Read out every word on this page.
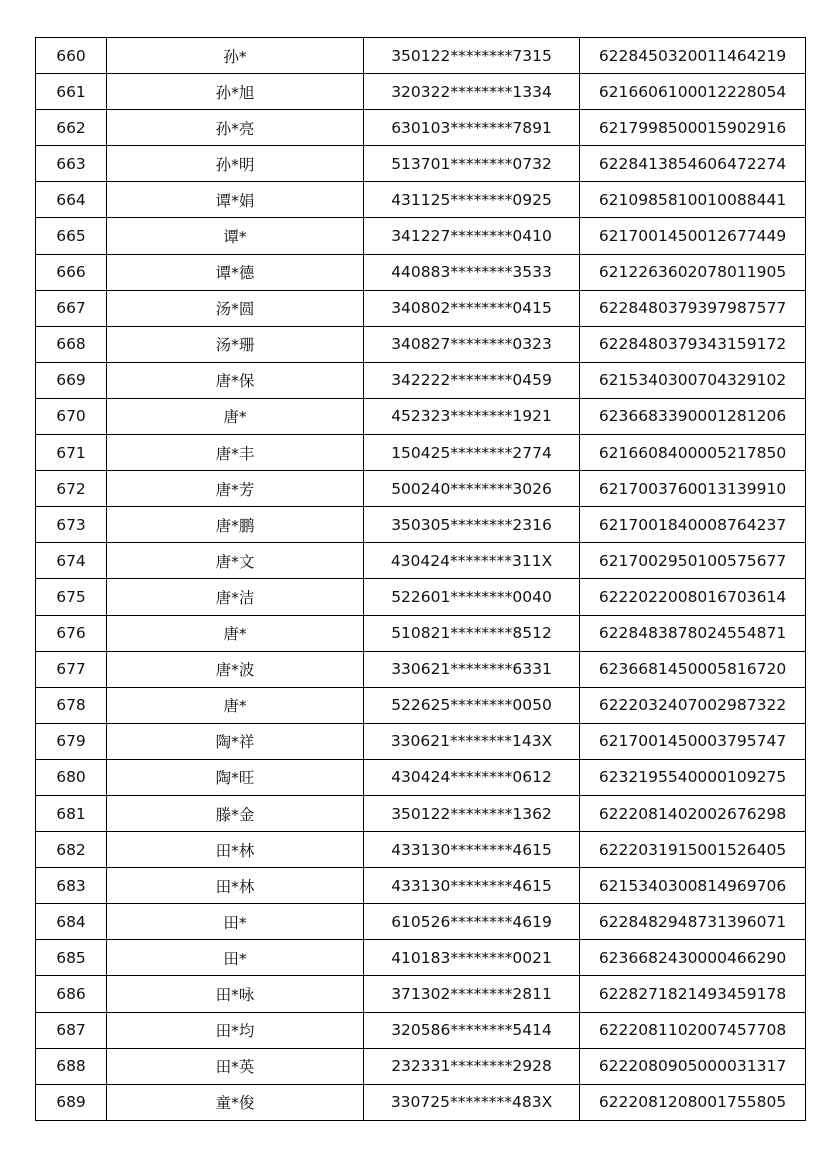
660	孙*	350122********7315	6228450320011464219
661	孙*旭	320322********1334	6216606100012228054
662	孙*亮	630103********7891	6217998500015902916
663	孙*明	513701********0732	6228413854606472274
664	谭*娟	431125********0925	6210985810010088441
665	谭*	341227********0410	6217001450012677449
666	谭*德	440883********3533	6212263602078011905
667	汤*圆	340802********0415	6228480379397987577
668	汤*珊	340827********0323	6228480379343159172
669	唐*保	342222********0459	6215340300704329102
670	唐*	452323********1921	6236683390001281206
671	唐*丰	150425********2774	6216608400005217850
672	唐*芳	500240********3026	6217003760013139910
673	唐*鹏	350305********2316	6217001840008764237
674	唐*文	430424********311X	6217002950100575677
675	唐*洁	522601********0040	6222022008016703614
676	唐*	510821********8512	6228483878024554871
677	唐*波	330621********6331	6236681450005816720
678	唐*	522625********0050	6222032407002987322
679	陶*祥	330621********143X	6217001450003795747
680	陶*旺	430424********0612	6232195540000109275
681	滕*金	350122********1362	6222081402002676298
682	田*林	433130********4615	6222031915001526405
683	田*林	433130********4615	6215340300814969706
684	田*	610526********4619	6228482948731396071
685	田*	410183********0021	6236682430000466290
686	田*咏	371302********2811	6228271821493459178
687	田*均	320586********5414	6222081102007457708
688	田*英	232331********2928	6222080905000031317
689	童*俊	330725********483X	6222081208001755805
